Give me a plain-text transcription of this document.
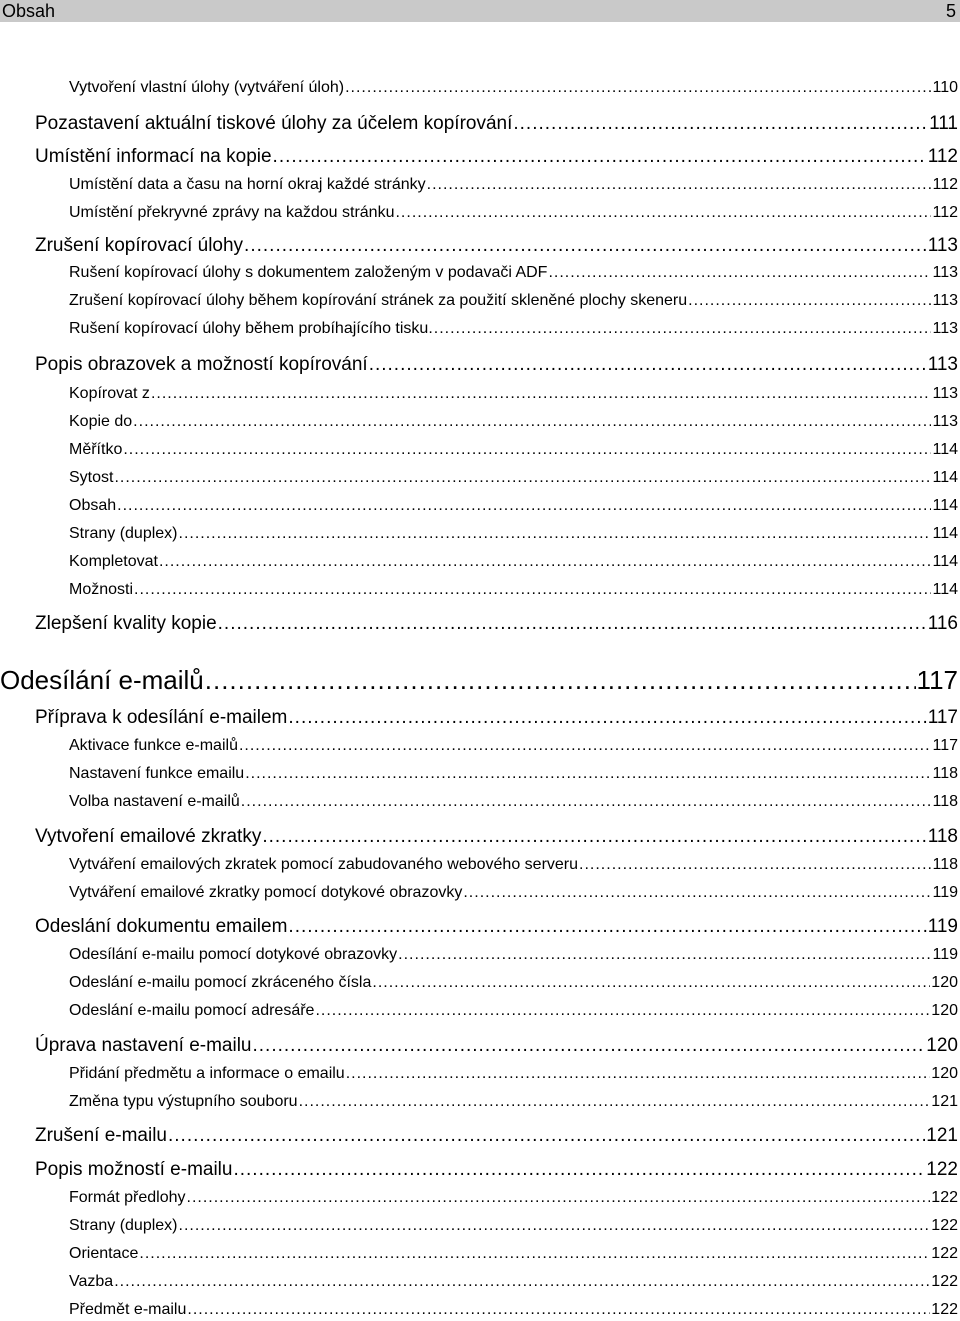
Obsah	5
Vytvoření vlastní úlohy (vytváření úloh) .....	110
Pozastavení aktuální tiskové úlohy za účelem kopírování .....	111
Umístění informací na kopie .....	112
Umístění data a času na horní okraj každé stránky .....	112
Umístění překryvné zprávy na každou stránku .....	112
Zrušení kopírovací úlohy .....	113
Rušení kopírovací úlohy s dokumentem založeným v podavači ADF .....	113
Zrušení kopírovací úlohy během kopírování stránek za použití skleněné plochy skeneru .....	113
Rušení kopírovací úlohy během probíhajícího tisku. .....	113
Popis obrazovek a možností kopírování .....	113
Kopírovat z .....	113
Kopie do .....	113
Měřítko .....	114
Sytost .....	114
Obsah .....	114
Strany (duplex) .....	114
Kompletovat .....	114
Možnosti .....	114
Zlepšení kvality kopie .....	116
Odesílání e-mailů .....	117
Příprava k odesílání e-mailem .....	117
Aktivace funkce e-mailů .....	117
Nastavení funkce emailu .....	118
Volba nastavení e-mailů .....	118
Vytvoření emailové zkratky .....	118
Vytváření emailových zkratek pomocí zabudovaného webového serveru .....	118
Vytváření emailové zkratky pomocí dotykové obrazovky .....	119
Odeslání dokumentu emailem .....	119
Odesílání e-mailu pomocí dotykové obrazovky .....	119
Odeslání e-mailu pomocí zkráceného čísla .....	120
Odeslání e-mailu pomocí adresáře .....	120
Úprava nastavení e-mailu .....	120
Přidání předmětu a informace o emailu .....	120
Změna typu výstupního souboru .....	121
Zrušení e-mailu .....	121
Popis možností e-mailu .....	122
Formát předlohy .....	122
Strany (duplex) .....	122
Orientace .....	122
Vazba .....	122
Předmět e-mailu .....	122
